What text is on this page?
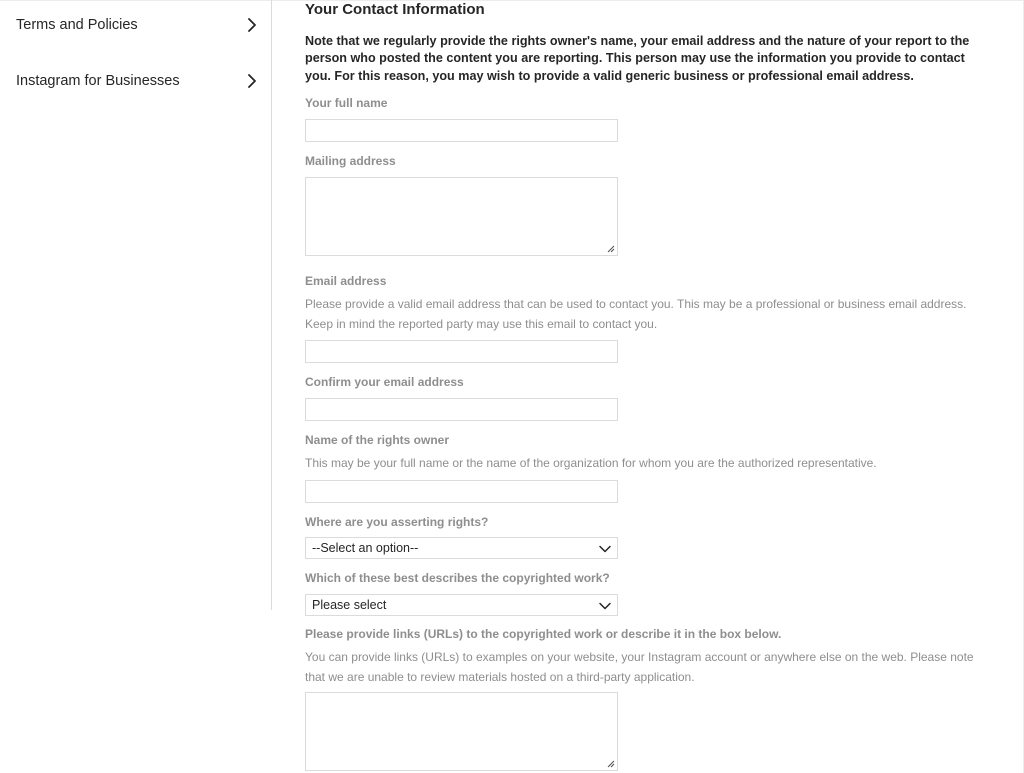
Terms and Policies
Instagram for Businesses
Your Contact Information

Note that we regularly provide the rights owner's name, your email address and the nature of your report to the person who posted the content you are reporting. This person may use the information you provide to contact you. For this reason, you may wish to provide a valid generic business or professional email address.

Your full name
Mailing address
Email address

Please provide a valid email address that can be used to contact you. This may be a professional or business email address. Keep in mind the reported party may use this email to contact you.

Confirm your email address
Name of the rights owner

This may be your full name or the name of the organization for whom you are the authorized representative.

Where are you asserting rights?
--Select an option--
Which of these best describes the copyrighted work?
Please select
Please provide links (URLs) to the copyrighted work or describe it in the box below.

You can provide links (URLs) to examples on your website, your Instagram account or anywhere else on the web. Please note that we are unable to review materials hosted on a third-party application.
